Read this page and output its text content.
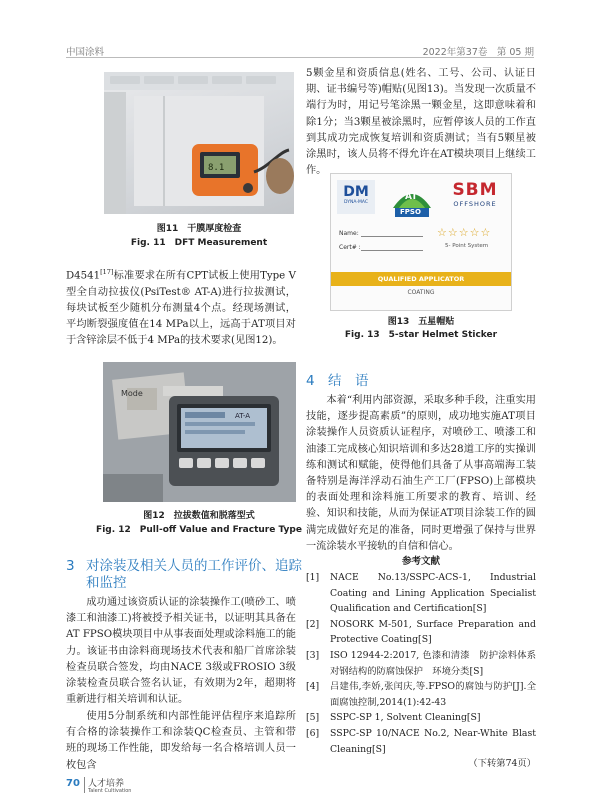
中国涂料	2022年第37卷　第 05 期
8.1
图11　干膜厚度检查
Fig. 11　DFT Measurement

D4541[17]标准要求在所有CPT试板上使用Type Ⅴ型全自动拉拔仪(PsiTest® AT-A)进行拉拔测试，每块试板至少随机分布测量4个点。经现场测试，平均断裂强度值在14 MPa以上，远高于AT项目对于含锌涂层不低于4 MPa的技术要求(见图12)。

Mode
AT-A
图12　拉拔数值和脱落型式
Fig. 12　Pull-off Value and Fracture Type
3 对涂装及相关人员的工作评价、追踪
和监控

成功通过该资质认证的涂装操作工(喷砂工、喷漆工和油漆工)将被授予相关证书，以证明其具备在AT FPSO模块项目中从事表面处理或涂料施工的能力。该证书由涂料商现场技术代表和船厂首席涂装检查员联合签发，均由NACE 3级或FROSIO 3级涂装检查员联合签名认证，有效期为2年，超期将重新进行相关培训和认证。

使用5分制系统和内部性能评估程序来追踪所有合格的涂装操作工和涂装QC检查员、主管和带班的现场工作性能，即发给每一名合格培训人员一枚包含

5颗金星和资质信息(姓名、工号、公司、认证日期、证书编号等)帽贴(见图13)。当发现一次质量不端行为时，用记号笔涂黑一颗金星，这即意味着和除1分；当3颗星被涂黑时，应暂停该人员的工作直到其成功完成恢复培训和资质测试；当有5颗星被涂黑时，该人员将不得允许在AT模块项目上继续工作。

DM
DYNA-MAC
AT
FPSO
SBM
OFFSHORE
Name:
Cert# :
☆☆☆☆☆
5- Point System
QUALIFIED APPLICATOR
COATING
图13　五星帽贴
Fig. 13　5-star Helmet Sticker
4 结　语

本着“利用内部资源，采取多种手段，注重实用技能，逐步提高素质”的原则，成功地实施AT项目涂装操作人员资质认证程序，对喷砂工、喷漆工和油漆工完成核心知识培训和多达28道工序的实操训练和测试和赋能，使得他们具备了从事高端海工装备特别是海洋浮动石油生产工厂(FPSO)上部模块的表面处理和涂料施工所要求的教育、培训、经验、知识和技能，从而为保证AT项目涂装工作的圆满完成做好充足的准备，同时更增强了保持与世界一流涂装水平接轨的自信和信心。

参考文献
[1]	NACE No.13/SSPC-ACS-1, Industrial Coating and Lining Application Specialist Qualification and Certification[S]
[2]	NOSORK M-501, Surface Preparation and Protective Coating[S]
[3]	ISO 12944-2:2017, 色漆和清漆　防护涂料体系对钢结构的防腐蚀保护　环境分类[S]
[4]	吕建伟,李娇,张闰庆,等.FPSO的腐蚀与防护[J].全面腐蚀控制,2014(1):42-43
[5]	SSPC-SP 1, Solvent Cleaning[S]
[6]	SSPC-SP 10/NACE No.2, Near-White Blast Cleaning[S]
（下转第74页）
70 人才培养
Talent Cultivation
